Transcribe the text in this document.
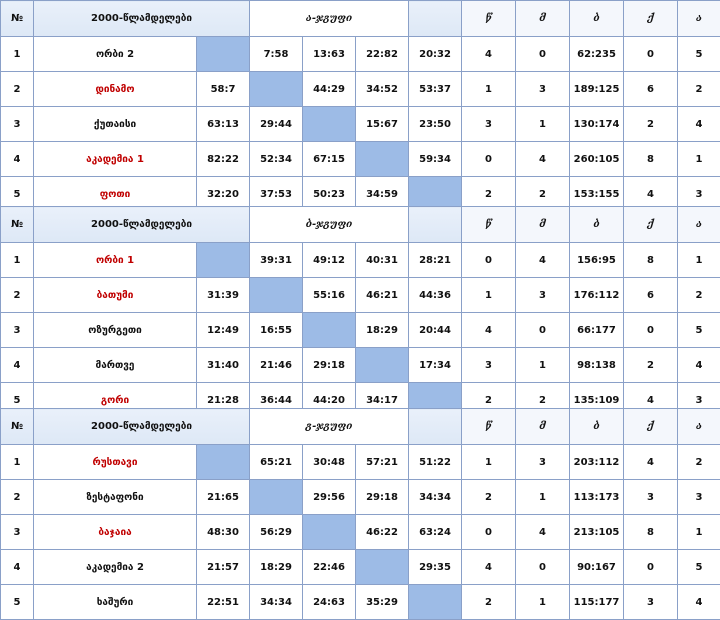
№	2000-წლამდელები		ა-ჯგუფი				წ	მ	ბ	ქ	ა
1	ორბი 2		7:58	13:63	22:82	20:32	4	0	62:235	0	5
2	დინამო	58:7		44:29	34:52	53:37	1	3	189:125	6	2
3	ქუთაისი	63:13	29:44		15:67	23:50	3	1	130:174	2	4
4	აკადემია 1	82:22	52:34	67:15		59:34	0	4	260:105	8	1
5	ფოთი	32:20	37:53	50:23	34:59		2	2	153:155	4	3
№	2000-წლამდელები		ბ-ჯგუფი				წ	მ	ბ	ქ	ა
1	ორბი 1		39:31	49:12	40:31	28:21	0	4	156:95	8	1
2	ბათუმი	31:39		55:16	46:21	44:36	1	3	176:112	6	2
3	ოზურგეთი	12:49	16:55		18:29	20:44	4	0	66:177	0	5
4	მართვე	31:40	21:46	29:18		17:34	3	1	98:138	2	4
5	გორი	21:28	36:44	44:20	34:17		2	2	135:109	4	3
№	2000-წლამდელები		გ-ჯგუფი				წ	მ	ბ	ქ	ა
1	რუსთავი		65:21	30:48	57:21	51:22	1	3	203:112	4	2
2	ზესტაფონი	21:65		29:56	29:18	34:34	2	1	113:173	3	3
3	ბაჯაია	48:30	56:29		46:22	63:24	0	4	213:105	8	1
4	აკადემია 2	21:57	18:29	22:46		29:35	4	0	90:167	0	5
5	ხაშური	22:51	34:34	24:63	35:29		2	1	115:177	3	4
